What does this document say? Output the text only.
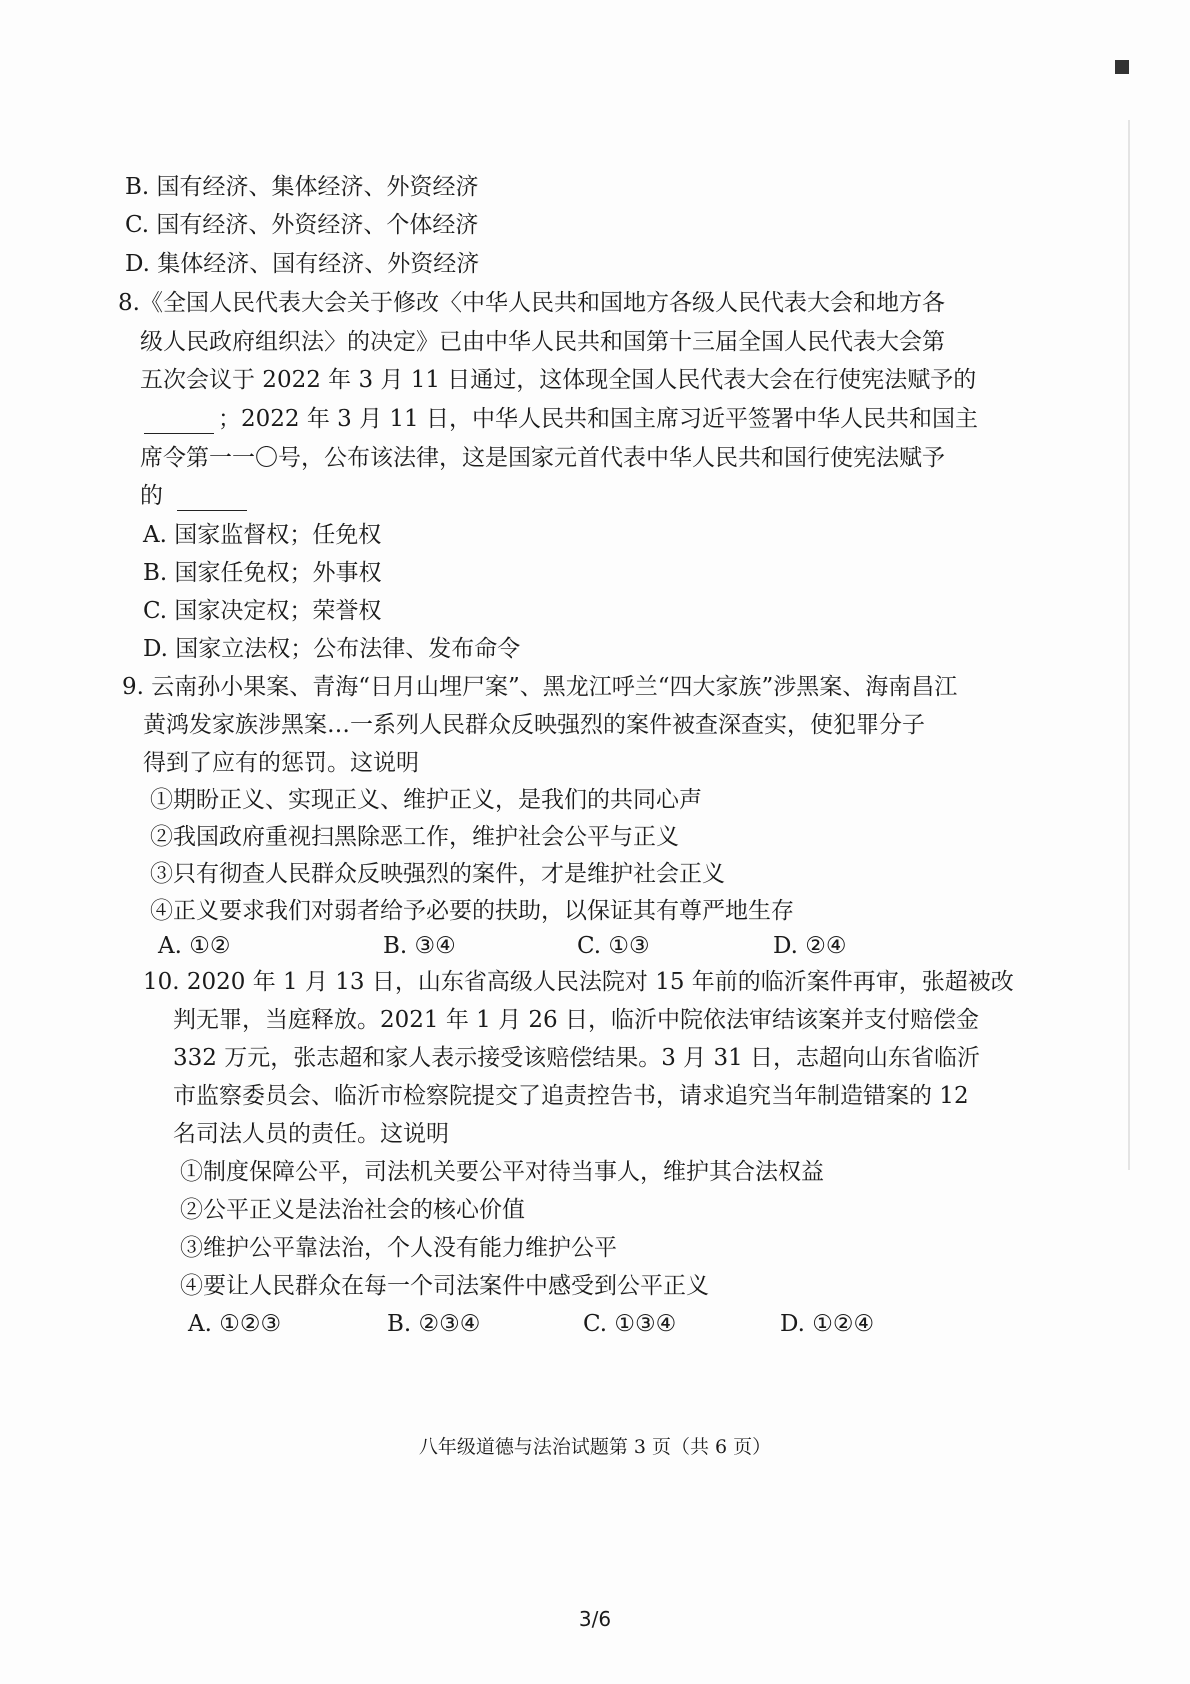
B. 国有经济、集体经济、外资经济
C. 国有经济、外资经济、个体经济
D. 集体经济、国有经济、外资经济
8.《全国人民代表大会关于修改〈中华人民共和国地方各级人民代表大会和地方各
级人民政府组织法〉的决定》已由中华人民共和国第十三届全国人民代表大会第
五次会议于 2022 年 3 月 11 日通过，这体现全国人民代表大会在行使宪法赋予的
；2022 年 3 月 11 日，中华人民共和国主席习近平签署中华人民共和国主
席令第一一〇号，公布该法律，这是国家元首代表中华人民共和国行使宪法赋予
的
A. 国家监督权；任免权
B. 国家任免权；外事权
C. 国家决定权；荣誉权
D. 国家立法权；公布法律、发布命令
9. 云南孙小果案、青海“日月山埋尸案”、黑龙江呼兰“四大家族”涉黑案、海南昌江
黄鸿发家族涉黑案…一系列人民群众反映强烈的案件被查深查实，使犯罪分子
得到了应有的惩罚。这说明
①期盼正义、实现正义、维护正义，是我们的共同心声
②我国政府重视扫黑除恶工作，维护社会公平与正义
③只有彻查人民群众反映强烈的案件，才是维护社会正义
④正义要求我们对弱者给予必要的扶助，以保证其有尊严地生存
A. ①②	B. ③④	C. ①③	D. ②④
10. 2020 年 1 月 13 日，山东省高级人民法院对 15 年前的临沂案件再审，张超被改
判无罪，当庭释放。2021 年 1 月 26 日，临沂中院依法审结该案并支付赔偿金
332 万元，张志超和家人表示接受该赔偿结果。3 月 31 日，志超向山东省临沂
市监察委员会、临沂市检察院提交了追责控告书，请求追究当年制造错案的 12
名司法人员的责任。这说明
①制度保障公平，司法机关要公平对待当事人，维护其合法权益
②公平正义是法治社会的核心价值
③维护公平靠法治，个人没有能力维护公平
④要让人民群众在每一个司法案件中感受到公平正义
A. ①②③	B. ②③④	C. ①③④	D. ①②④
八年级道德与法治试题第 3 页（共 6 页）
3/6
